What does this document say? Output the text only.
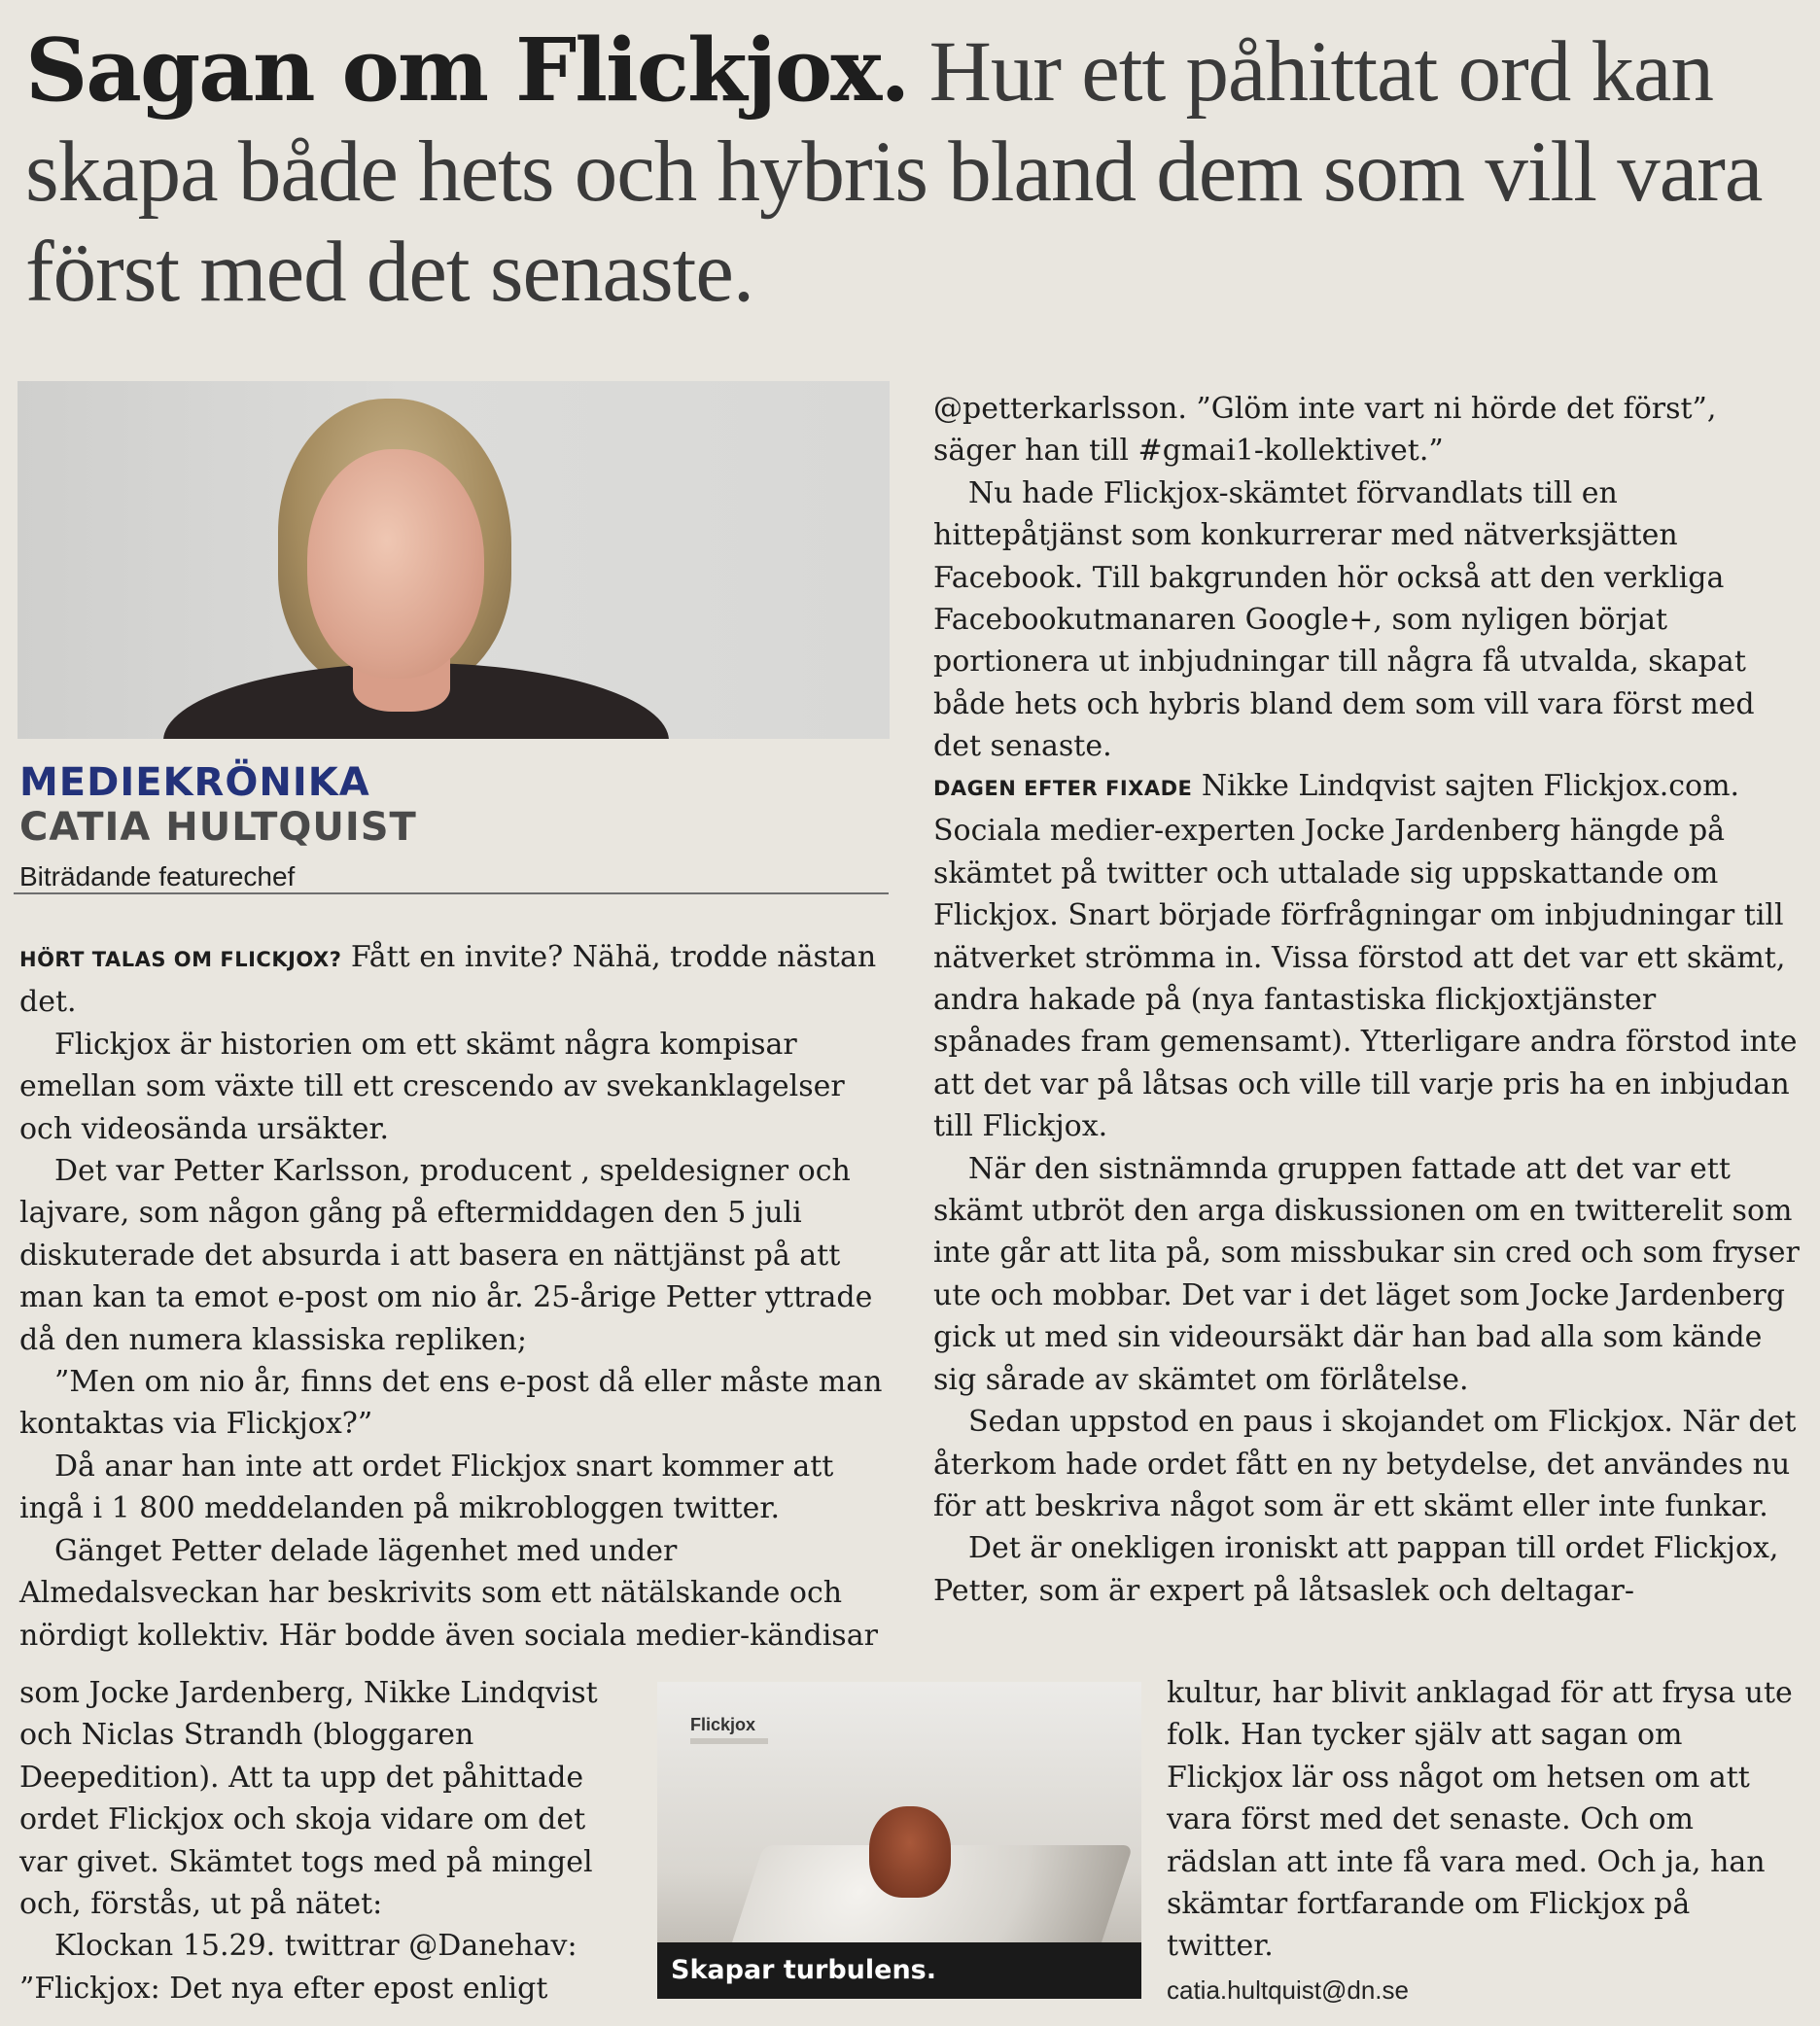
Sagan om Flickjox. Hur ett påhittat ord kan skapa både hets och hybris bland dem som vill vara först med det senaste.
MEDIEKRÖNIKA
CATIA HULTQUIST
Biträdande featurechef

HÖRT TALAS OM FLICKJOX? Fått en invite? Nähä, trodde nästan det.

Flickjox är historien om ett skämt några kompisar emellan som växte till ett crescendo av svekanklagelser och videosända ursäkter.

Det var Petter Karlsson, producent , speldesigner och lajvare, som någon gång på eftermiddagen den 5 juli diskuterade det absurda i att basera en nättjänst på att man kan ta emot e-post om nio år. 25-årige Petter yttrade då den numera klassiska repliken;

”Men om nio år, finns det ens e-post då eller måste man kontaktas via Flickjox?”

Då anar han inte att ordet Flickjox snart kommer att ingå i 1 800 meddelanden på mikrobloggen twitter.

Gänget Petter delade lägenhet med under Almedalsveckan har beskrivits som ett nätälskande och nördigt kollektiv. Här bodde även sociala medier-kändisar

som Jocke Jardenberg, Nikke Lindqvist och Niclas Strandh (bloggaren Deepedition). Att ta upp det påhittade ordet Flickjox och skoja vidare om det var givet. Skämtet togs med på mingel och, förstås, ut på nätet:

Klockan 15.29. twittrar @Danehav: ”Flickjox: Det nya efter epost enligt

@petterkarlsson. ”Glöm inte vart ni hörde det först”, säger han till #gmai1-kollektivet.”

Nu hade Flickjox-skämtet förvandlats till en hittepåtjänst som konkurrerar med nätverksjätten Facebook. Till bakgrunden hör också att den verkliga Facebookutmanaren Google+, som nyligen börjat portionera ut inbjudningar till några få utvalda, skapat både hets och hybris bland dem som vill vara först med det senaste.

DAGEN EFTER FIXADE Nikke Lindqvist sajten Flickjox.com. Sociala medier-experten Jocke Jardenberg hängde på skämtet på twitter och uttalade sig uppskattande om Flickjox. Snart började förfrågningar om inbjudningar till nätverket strömma in. Vissa förstod att det var ett skämt, andra hakade på (nya fantastiska flickjoxtjänster spånades fram gemensamt). Ytterligare andra förstod inte att det var på låtsas och ville till varje pris ha en inbjudan till Flickjox.

När den sistnämnda gruppen fattade att det var ett skämt utbröt den arga diskussionen om en twitterelit som inte går att lita på, som missbukar sin cred och som fryser ute och mobbar. Det var i det läget som Jocke Jardenberg gick ut med sin videoursäkt där han bad alla som kände sig sårade av skämtet om förlåtelse.

Sedan uppstod en paus i skojandet om Flickjox. När det återkom hade ordet fått en ny betydelse, det användes nu för att beskriva något som är ett skämt eller inte funkar.

Det är onekligen ironiskt att pappan till ordet Flickjox, Petter, som är expert på låtsaslek och deltagar-

kultur, har blivit anklagad för att frysa ute folk. Han tycker själv att sagan om Flickjox lär oss något om hetsen om att vara först med det senaste. Och om rädslan att inte få vara med. Och ja, han skämtar fortfarande om Flickjox på twitter.

catia.hultquist@dn.se
Flickjox
Skapar turbulens.
